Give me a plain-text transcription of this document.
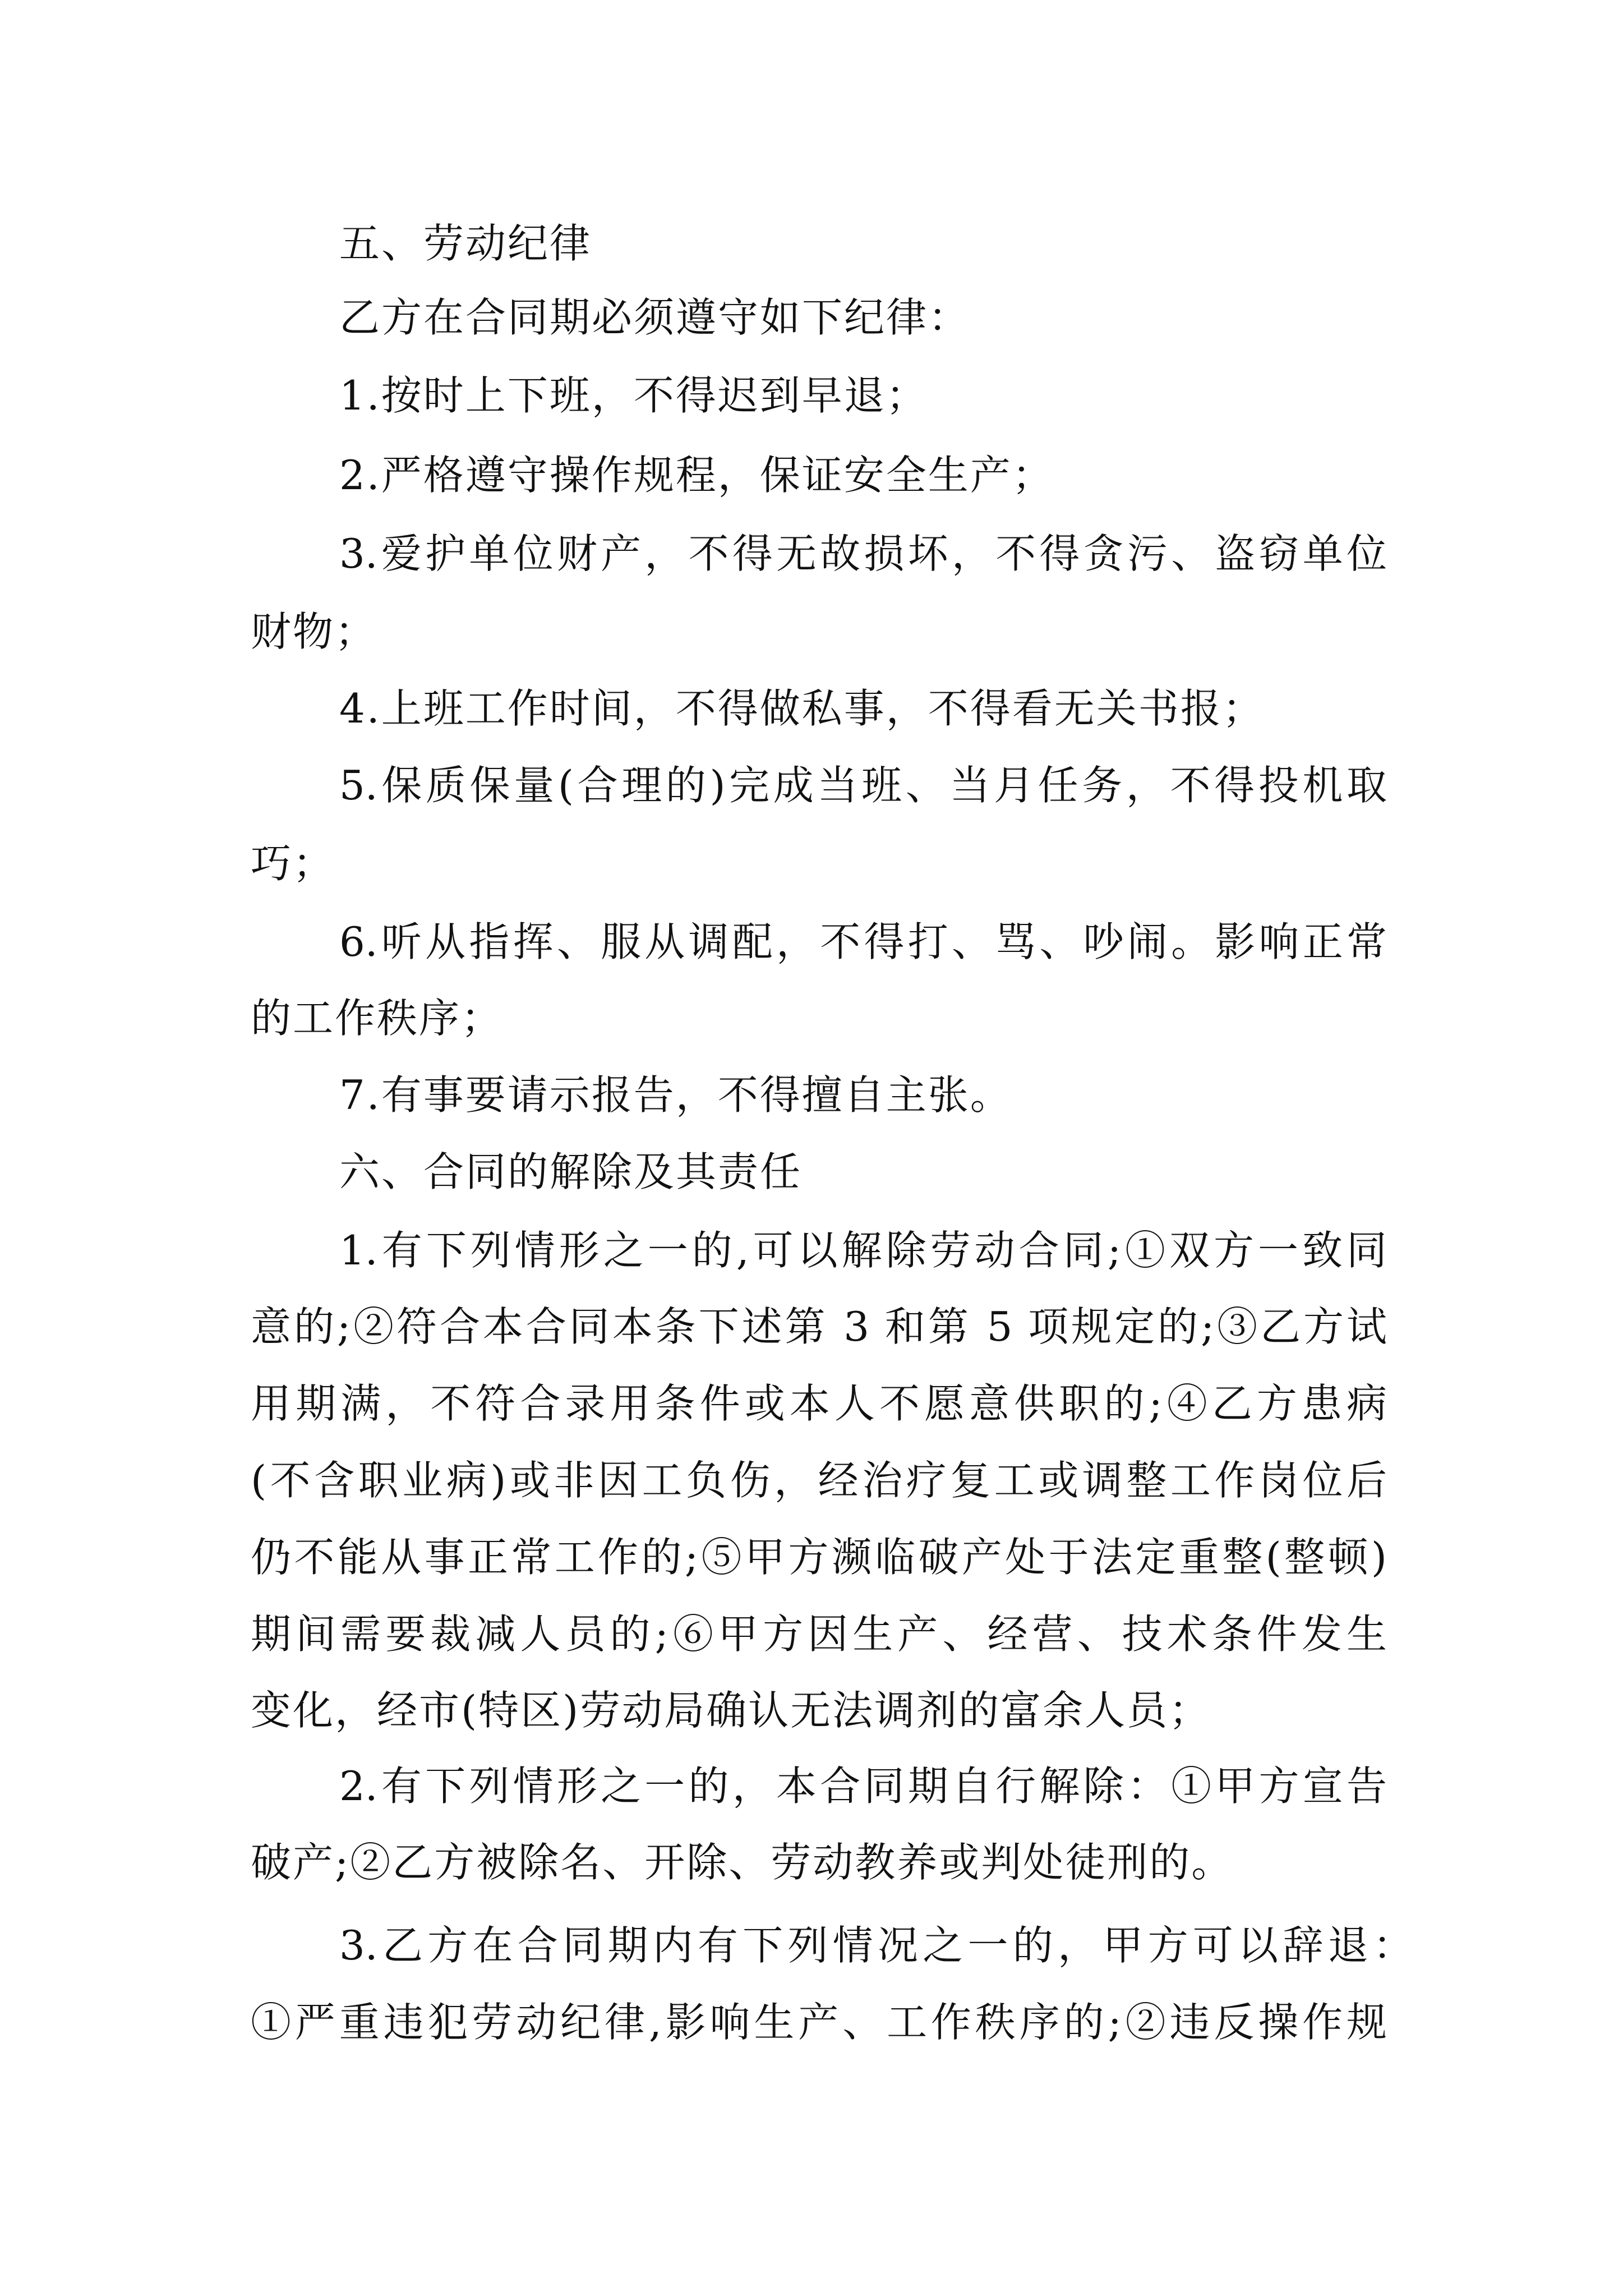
五、劳动纪律
乙方在合同期必须遵守如下纪律：
1.按时上下班，不得迟到早退；
2.严格遵守操作规程，保证安全生产；
3.爱护单位财产，不得无故损坏，不得贪污、盗窃单位
财物；
4.上班工作时间，不得做私事，不得看无关书报；
5.保质保量(合理的)完成当班、当月任务，不得投机取
巧；
6.听从指挥、服从调配，不得打、骂、吵闹。影响正常
的工作秩序；
7.有事要请示报告，不得擅自主张。
六、合同的解除及其责任
1.有下列情形之一的,可以解除劳动合同;①双方一致同
意的;②符合本合同本条下述第 3 和第 5 项规定的;③乙方试
用期满，不符合录用条件或本人不愿意供职的;④乙方患病
(不含职业病)或非因工负伤，经治疗复工或调整工作岗位后
仍不能从事正常工作的;⑤甲方濒临破产处于法定重整(整顿)
期间需要裁减人员的;⑥甲方因生产、经营、技术条件发生
变化，经市(特区)劳动局确认无法调剂的富余人员；
2.有下列情形之一的，本合同期自行解除：①甲方宣告
破产;②乙方被除名、开除、劳动教养或判处徒刑的。
3.乙方在合同期内有下列情况之一的，甲方可以辞退：
①严重违犯劳动纪律,影响生产、工作秩序的;②违反操作规
